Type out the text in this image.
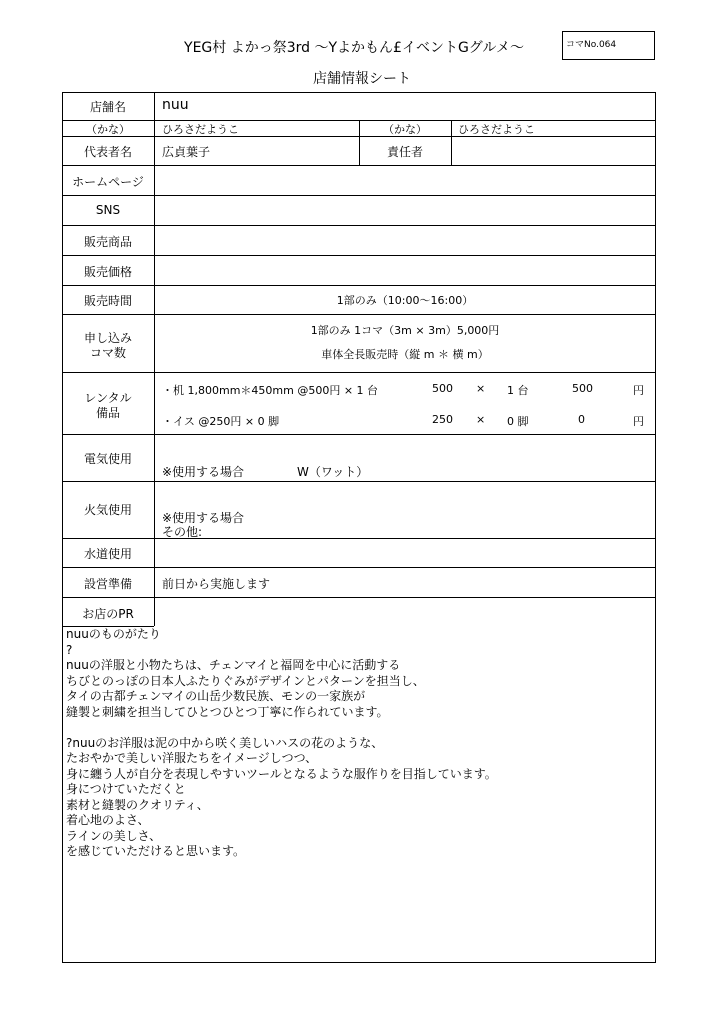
YEG村 よかっ祭3rd 〜Yよかもん£イベントGグルメ〜	コマNo.064
店舗情報シート
店舗名	nuu
（かな）	ひろさだようこ	（かな）	ひろさだようこ
代表者名	広貞葉子	責任者
ホームページ
SNS
販売商品
販売価格
販売時間	1部のみ（10:00〜16:00）
申し込み
コマ数
1部のみ 1コマ（3m × 3m）5,000円
車体全長販売時（縦 m ＊ 横 m）
レンタル
備品
・机 1,800mm＊450mm @500円 × 1 台	500 × 1 台	500	円
・イス @250円 × 0 脚	250 × 0 脚	0	円
電気使用
※使用する場合	W（ワット）
火気使用
※使用する場合
その他:
水道使用
設営準備	前日から実施します
お店のPR
nuuのものがたり
?
nuuの洋服と小物たちは、チェンマイと福岡を中心に活動する
ちびとのっぽの日本人ふたりぐみがデザインとパターンを担当し、
タイの古都チェンマイの山岳少数民族、モンの一家族が
縫製と刺繍を担当してひとつひとつ丁寧に作られています。
?nuuのお洋服は泥の中から咲く美しいハスの花のような、
たおやかで美しい洋服たちをイメージしつつ、
身に纏う人が自分を表現しやすいツールとなるような服作りを目指しています。
身につけていただくと
素材と縫製のクオリティ、
着心地のよさ、
ラインの美しさ、
を感じていただけると思います。
